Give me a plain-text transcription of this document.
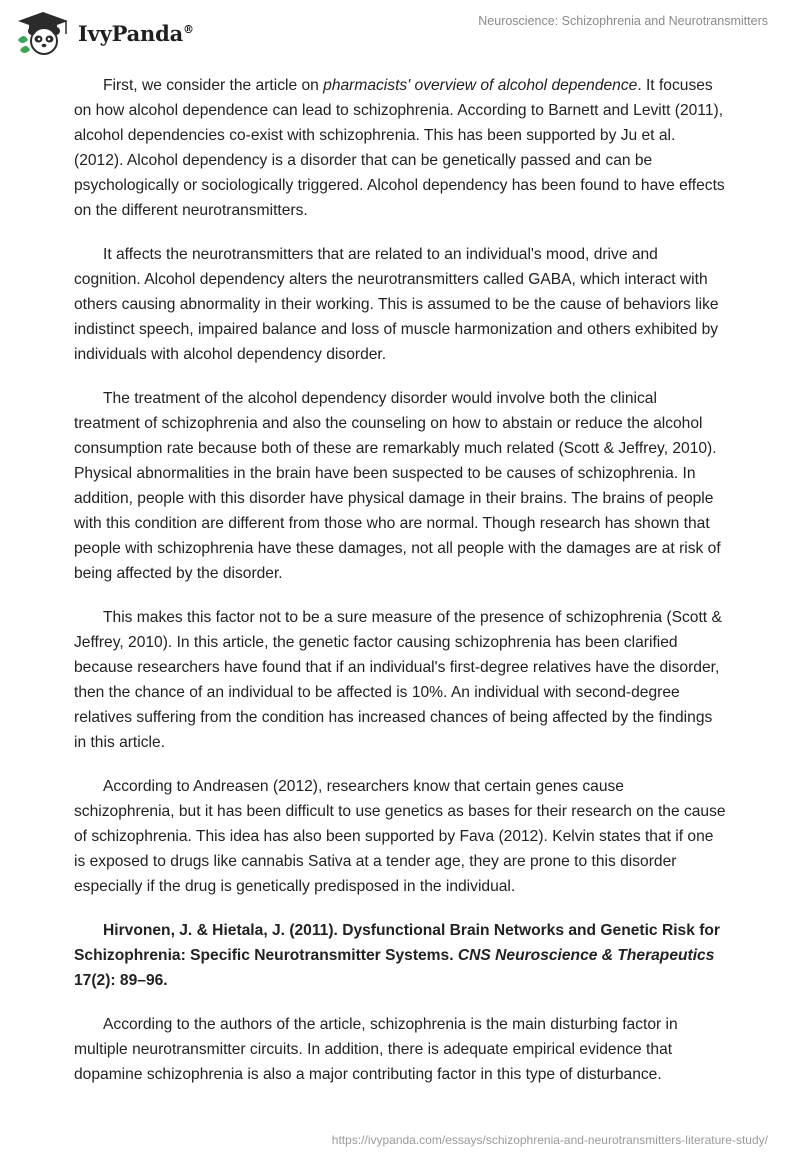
IvyPanda®
Neuroscience: Schizophrenia and Neurotransmitters

First, we consider the article on pharmacists' overview of alcohol dependence. It focuses on how alcohol dependence can lead to schizophrenia. According to Barnett and Levitt (2011), alcohol dependencies co-exist with schizophrenia. This has been supported by Ju et al. (2012). Alcohol dependency is a disorder that can be genetically passed and can be psychologically or sociologically triggered. Alcohol dependency has been found to have effects on the different neurotransmitters.

It affects the neurotransmitters that are related to an individual's mood, drive and cognition. Alcohol dependency alters the neurotransmitters called GABA, which interact with others causing abnormality in their working. This is assumed to be the cause of behaviors like indistinct speech, impaired balance and loss of muscle harmonization and others exhibited by individuals with alcohol dependency disorder.

The treatment of the alcohol dependency disorder would involve both the clinical treatment of schizophrenia and also the counseling on how to abstain or reduce the alcohol consumption rate because both of these are remarkably much related (Scott & Jeffrey, 2010). Physical abnormalities in the brain have been suspected to be causes of schizophrenia. In addition, people with this disorder have physical damage in their brains. The brains of people with this condition are different from those who are normal. Though research has shown that people with schizophrenia have these damages, not all people with the damages are at risk of being affected by the disorder.

This makes this factor not to be a sure measure of the presence of schizophrenia (Scott & Jeffrey, 2010). In this article, the genetic factor causing schizophrenia has been clarified because researchers have found that if an individual's first-degree relatives have the disorder, then the chance of an individual to be affected is 10%. An individual with second-degree relatives suffering from the condition has increased chances of being affected by the findings in this article.

According to Andreasen (2012), researchers know that certain genes cause schizophrenia, but it has been difficult to use genetics as bases for their research on the cause of schizophrenia. This idea has also been supported by Fava (2012). Kelvin states that if one is exposed to drugs like cannabis Sativa at a tender age, they are prone to this disorder especially if the drug is genetically predisposed in the individual.

Hirvonen, J. & Hietala, J. (2011). Dysfunctional Brain Networks and Genetic Risk for Schizophrenia: Specific Neurotransmitter Systems. CNS Neuroscience & Therapeutics 17(2): 89–96.

According to the authors of the article, schizophrenia is the main disturbing factor in multiple neurotransmitter circuits. In addition, there is adequate empirical evidence that dopamine schizophrenia is also a major contributing factor in this type of disturbance.

https://ivypanda.com/essays/schizophrenia-and-neurotransmitters-literature-study/
